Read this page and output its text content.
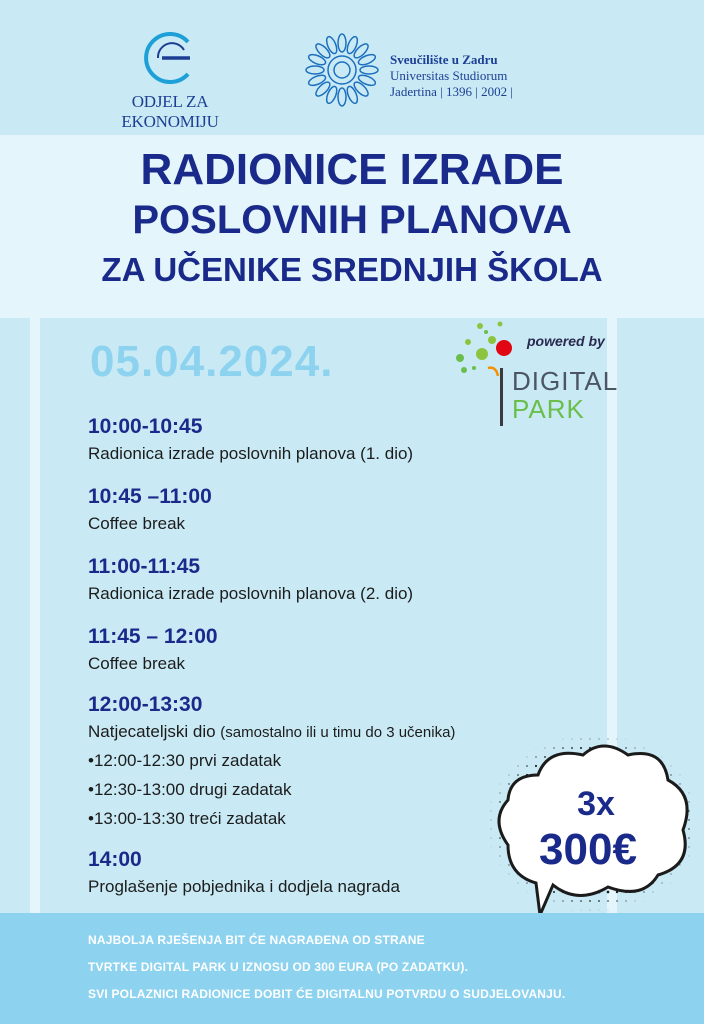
ODJEL ZA EKONOMIJU
Sveučilište u Zadru
Universitas Studiorum
Jadertina | 1396 | 2002 |
RADIONICE IZRADE
POSLOVNIH PLANOVA
ZA UČENIKE SREDNJIH ŠKOLA
05.04.2024.	powered by
DIGITAL
PARK
10:00-10:45
Radionica izrade poslovnih planova (1. dio)
10:45 –11:00
Coffee break
11:00-11:45
Radionica izrade poslovnih planova (2. dio)
11:45 – 12:00
Coffee break
12:00-13:30
Natjecateljski dio (samostalno ili u timu do 3 učenika)
•12:00-12:30 prvi zadatak
•12:30-13:00 drugi zadatak
•13:00-13:30 treći zadatak
14:00
Proglašenje pobjednika i dodjela nagrada
3x
300€
NAJBOLJA RJEŠENJA BIT ĆE NAGRAĐENA OD STRANE
TVRTKE DIGITAL PARK U IZNOSU OD 300 EURA (PO ZADATKU).
SVI POLAZNICI RADIONICE DOBIT ĆE DIGITALNU POTVRDU O SUDJELOVANJU.
